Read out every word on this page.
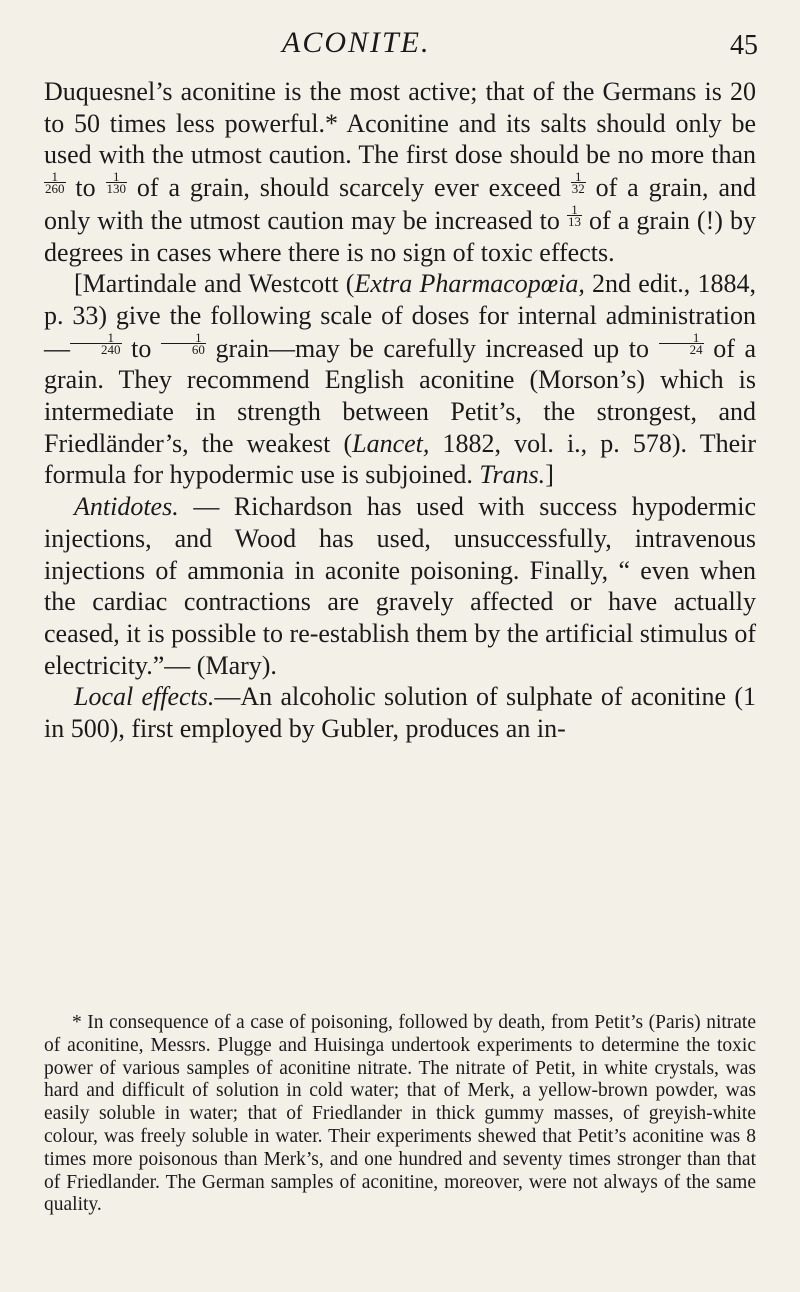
ACONITE.	45

Duquesnel’s aconitine is the most active; that of the Germans is 20 to 50 times less powerful.* Aconitine and its salts should only be used with the utmost caution. The first dose should be no more than
$\frac{1}{260}$ to $\frac{1}{130}$ of a grain, should scarcely ever exceed $\frac{1}{32}$ of a grain, and only with the utmost caution may be increased to $\frac{1}{13}$ of a grain (!) by degrees in cases where there is no sign of toxic effects.

[Martindale and Westcott (Extra Pharmacopœia, 2nd edit., 1884, p. 33) give the following scale of doses for internal administration— $\frac{1}{240}$ to $\frac{1}{60}$ grain—may be carefully increased up to $\frac{1}{24}$ of a grain. They recommend English aconitine (Morson’s) which is intermediate in strength between Petit’s, the strongest, and Friedländer’s, the weakest (Lancet, 1882, vol. i., p. 578). Their formula for hypodermic use is subjoined. Trans.]

Antidotes. — Richardson has used with success hypodermic injections, and Wood has used, unsuccessfully, intravenous injections of ammonia in aconite poisoning. Finally, “ even when the cardiac contractions are gravely affected or have actually ceased, it is possible to re-establish them by the artificial stimulus of electricity.”— (Mary).

Local effects.—An alcoholic solution of sulphate of aconitine (1 in 500), first employed by Gubler, produces an in-

* In consequence of a case of poisoning, followed by death, from Petit’s (Paris) nitrate of aconitine, Messrs. Plugge and Huisinga undertook experiments to determine the toxic power of various samples of aconitine nitrate. The nitrate of Petit, in white crystals, was hard and difficult of solution in cold water; that of Merk, a yellow-brown powder, was easily soluble in water; that of Friedlander in thick gummy masses, of greyish-white colour, was freely soluble in water. Their experiments shewed that Petit’s aconitine was 8 times more poisonous than Merk’s, and one hundred and seventy times stronger than that of Friedlander. The German samples of aconitine, moreover, were not always of the same quality.
